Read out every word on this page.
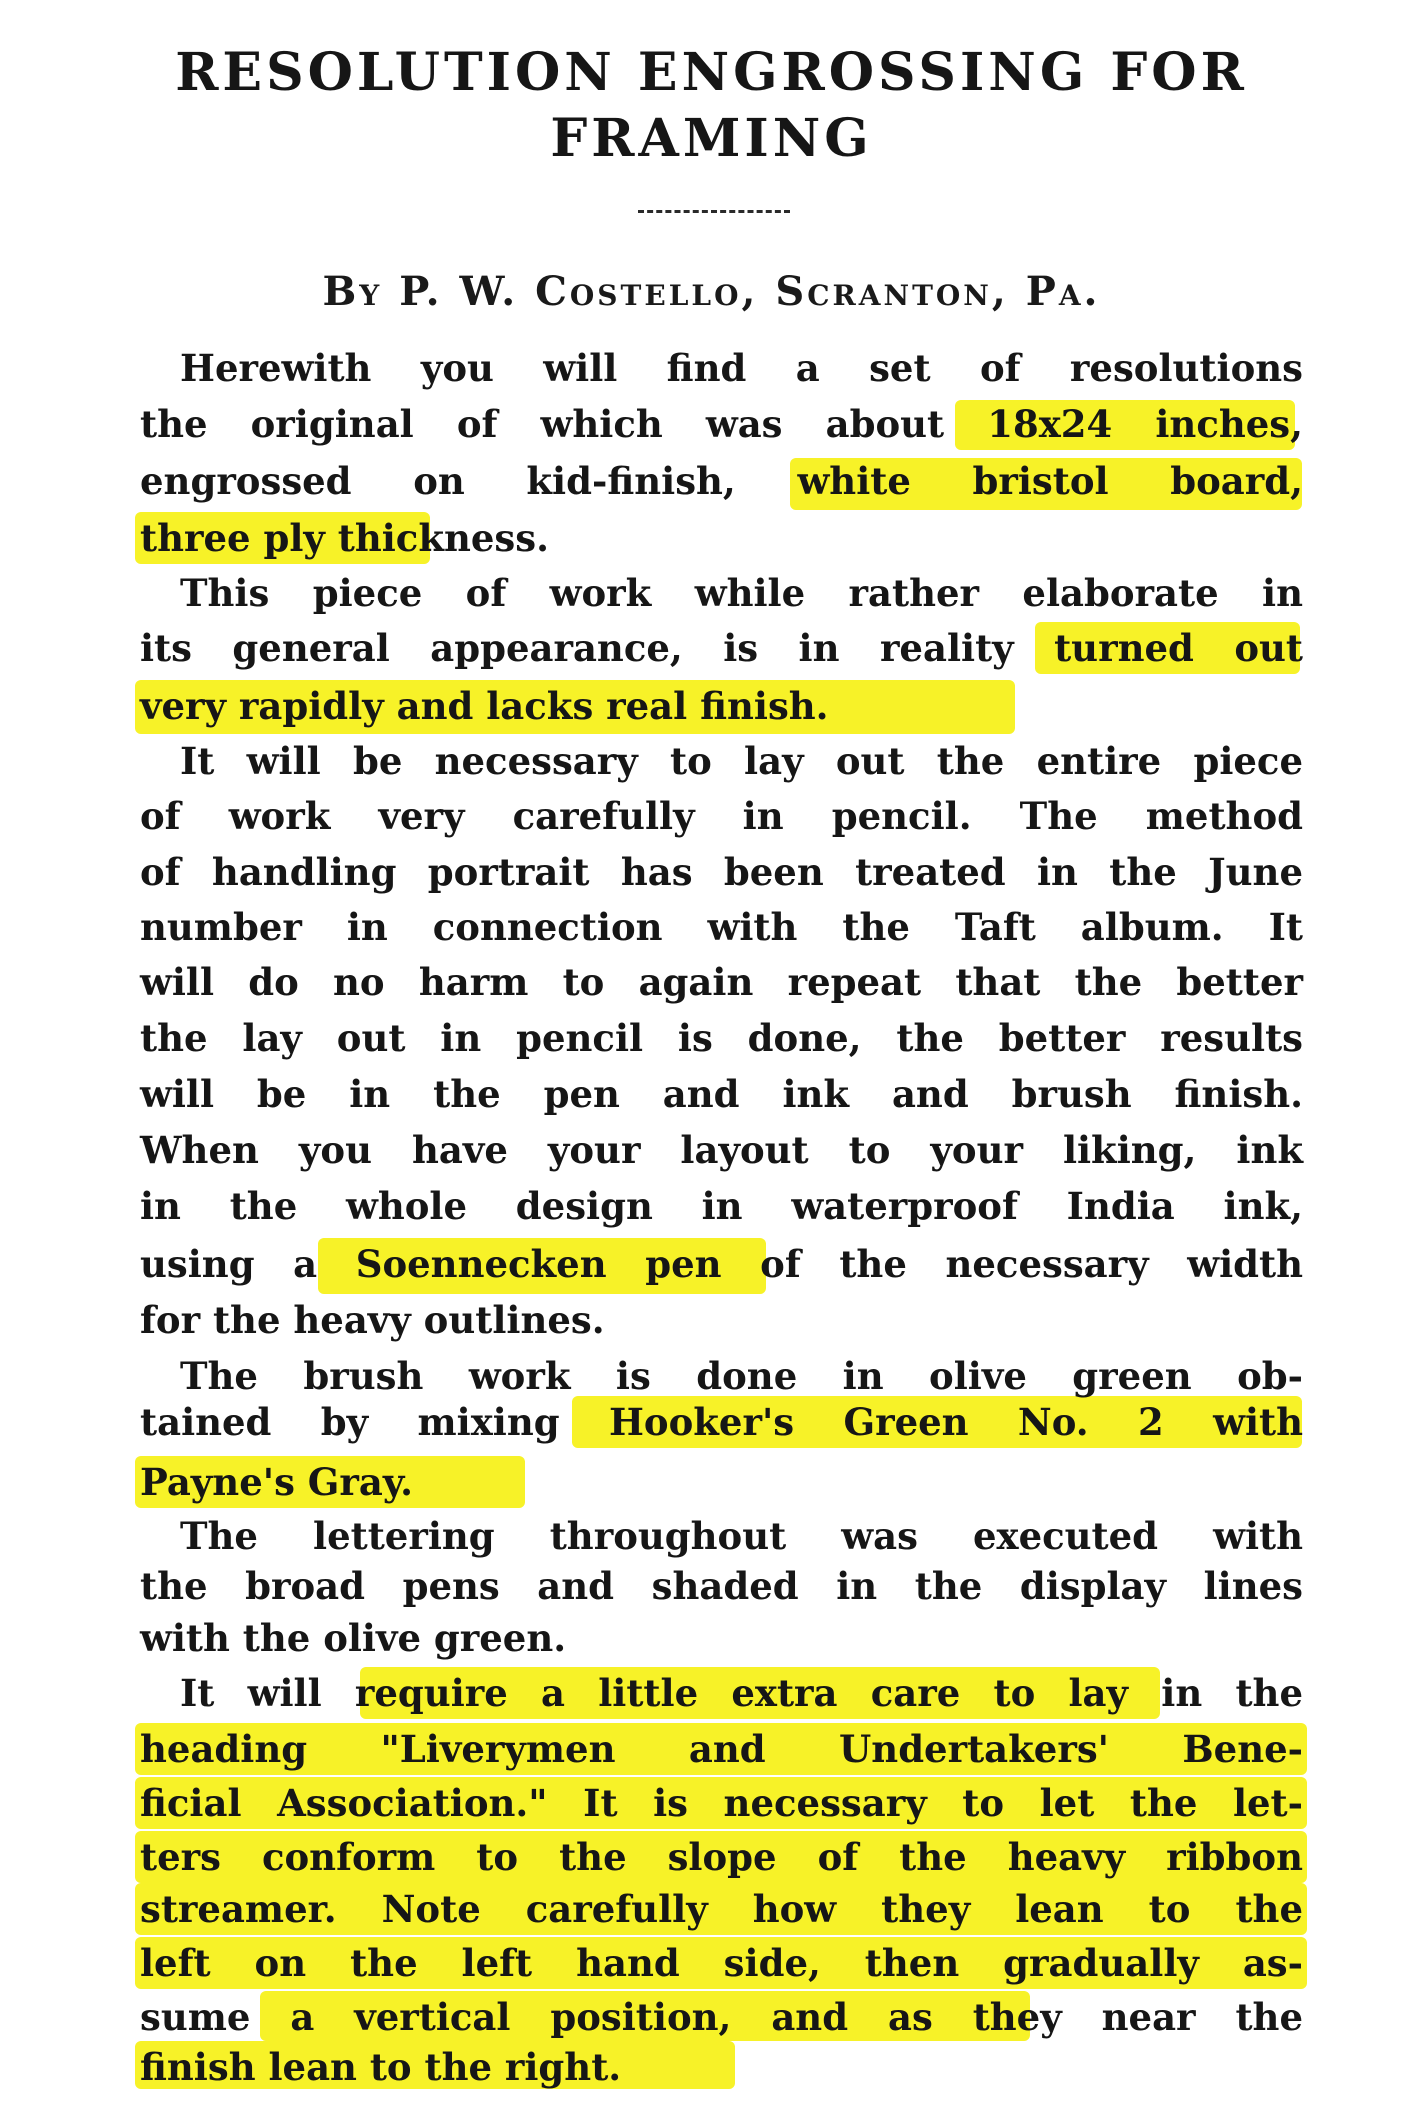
RESOLUTION ENGROSSING FOR
FRAMING
By P. W. Costello, Scranton, Pa.
Herewith you will find a set of resolutions
the original of which was about 18x24 inches,
engrossed on kid-finish, white bristol board,
three ply thickness.
This piece of work while rather elaborate in
its general appearance, is in reality turned out
very rapidly and lacks real finish.
It will be necessary to lay out the entire piece
of work very carefully in pencil. The method
of handling portrait has been treated in the June
number in connection with the Taft album. It
will do no harm to again repeat that the better
the lay out in pencil is done, the better results
will be in the pen and ink and brush finish.
When you have your layout to your liking, ink
in the whole design in waterproof India ink,
using a Soennecken pen of the necessary width
for the heavy outlines.
The brush work is done in olive green ob-
tained by mixing Hooker's Green No. 2 with
Payne's Gray.
The lettering throughout was executed with
the broad pens and shaded in the display lines
with the olive green.
It will require a little extra care to lay in the
heading "Liverymen and Undertakers' Bene-
ficial Association." It is necessary to let the let-
ters conform to the slope of the heavy ribbon
streamer. Note carefully how they lean to the
left on the left hand side, then gradually as-
sume a vertical position, and as they near the
finish lean to the right.
